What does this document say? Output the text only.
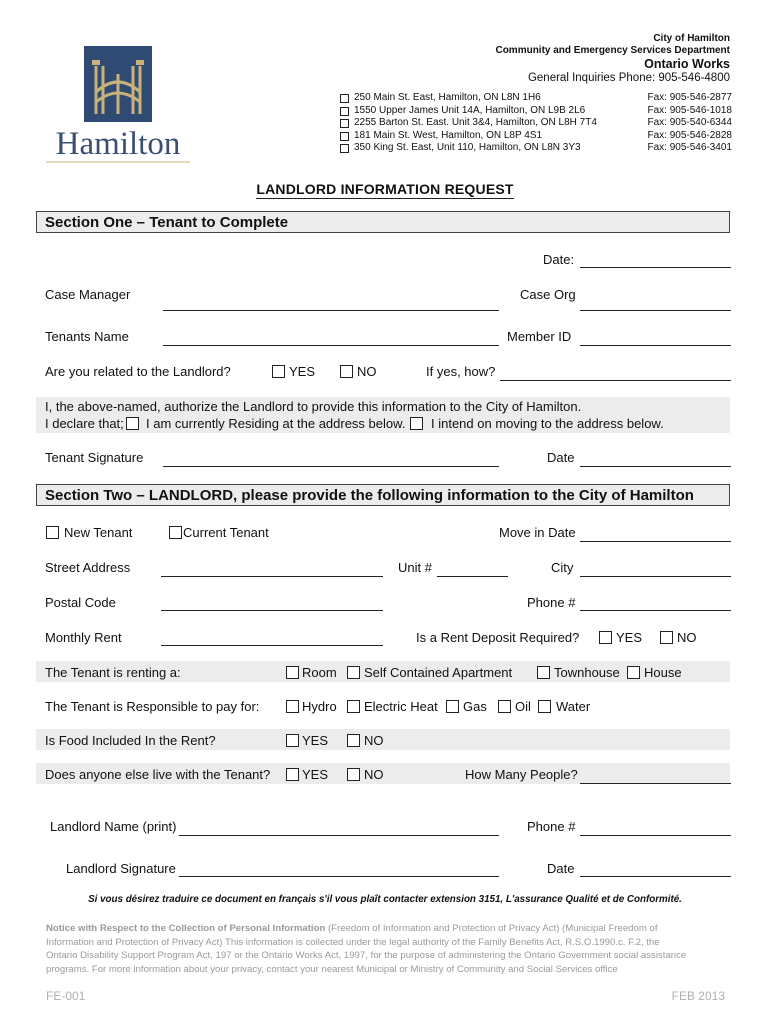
Hamilton
City of Hamilton
Community and Emergency Services Department
Ontario Works
General Inquiries Phone: 905-546-4800
250 Main St. East, Hamilton, ON L8N 1H6	Fax: 905-546-2877
1550 Upper James Unit 14A, Hamilton, ON L9B 2L6	Fax: 905-546-1018
2255 Barton St. East. Unit 3&4, Hamilton, ON L8H 7T4	Fax: 905-540-6344
181 Main St. West, Hamilton, ON L8P 4S1	Fax: 905-546-2828
350 King St. East, Unit 110, Hamilton, ON L8N 3Y3	Fax: 905-546-3401
LANDLORD INFORMATION REQUEST
Section One – Tenant to Complete
Date:
Case Manager	Case Org
Tenants Name	Member ID
Are you related to the Landlord?	YES	NO	If yes, how?
I, the above-named, authorize the Landlord to provide this information to the City of Hamilton.
I declare that; I am currently Residing at the address below. I intend on moving to the address below.
Tenant Signature	Date
Section Two – LANDLORD, please provide the following information to the City of Hamilton
New Tenant	Current Tenant	Move in Date
Street Address	Unit #	City
Postal Code	Phone #
Monthly Rent	Is a Rent Deposit Required?	YES	NO
The Tenant is renting a:	Room Self Contained Apartment	Townhouse House
The Tenant is Responsible to pay for:	Hydro Electric Heat Gas Oil Water
Is Food Included In the Rent?	YES	NO
Does anyone else live with the Tenant? YES	NO	How Many People?
Landlord Name (print)	Phone #
Landlord Signature	Date
Si vous désirez traduire ce document en français s'il vous plaît contacter extension 3151, L'assurance Qualité et de Conformité.
Notice with Respect to the Collection of Personal Information (Freedom of Information and Protection of Privacy Act) (Municipal Freedom of
Information and Protection of Privacy Act) This information is collected under the legal authority of the Family Benefits Act, R.S.O.1990.c. F.2, the
Ontario Disability Support Program Act, 197 or the Ontario Works Act, 1997, for the purpose of administering the Ontario Government social assistance
programs. For more information about your privacy, contact your nearest Municipal or Ministry of Community and Social Services office
FE-001	FEB 2013
